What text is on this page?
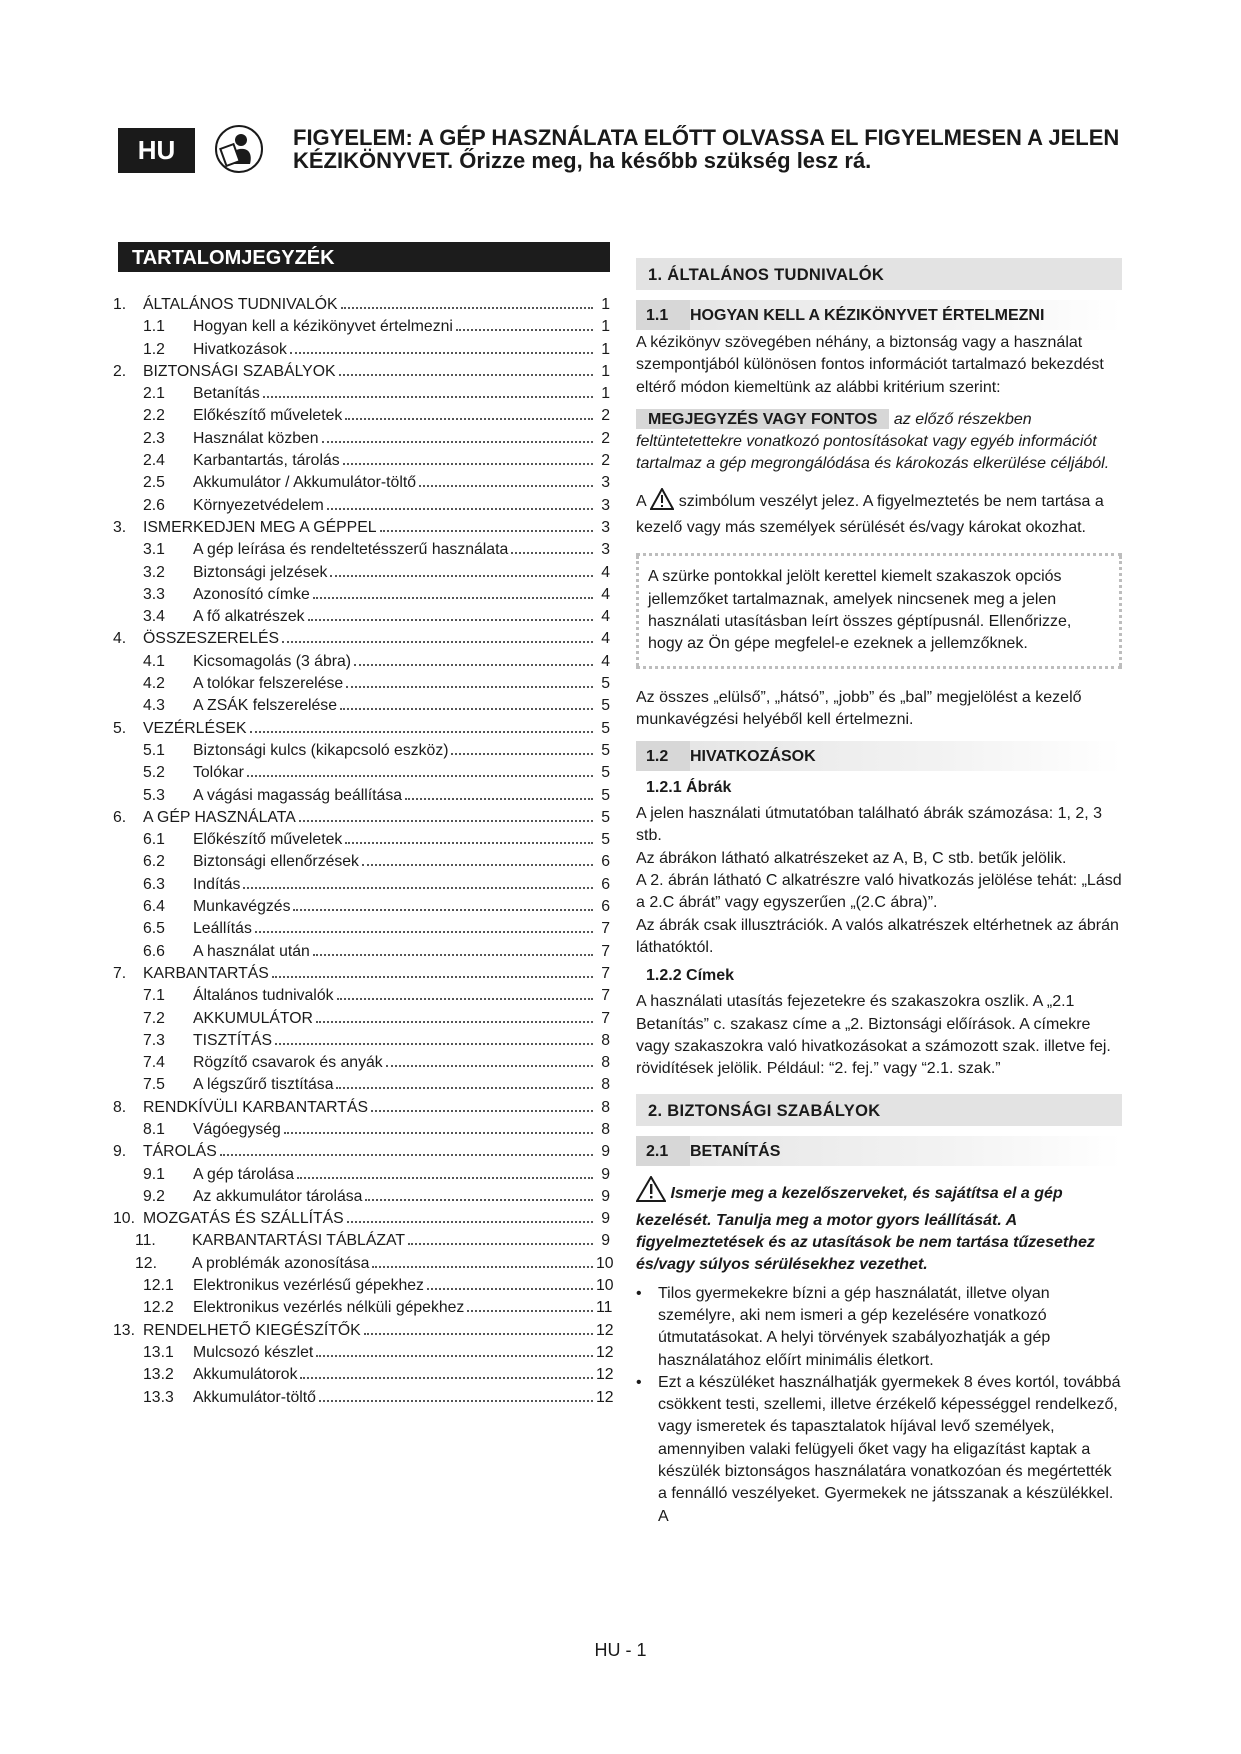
HU	FIGYELEM: A GÉP HASZNÁLATA ELŐTT OLVASSA EL FIGYELMESEN A JELEN KÉZIKÖNYVET. Őrizze meg, ha később szükség lesz rá.
TARTALOMJEGYZÉK
1.	ÁLTALÁNOS TUDNIVALÓK	1
1.1	Hogyan kell a kézikönyvet értelmezni	1
1.2	Hivatkozások	1
2.	BIZTONSÁGI SZABÁLYOK	1
2.1	Betanítás	1
2.2	Előkészítő műveletek	2
2.3	Használat közben	2
2.4	Karbantartás, tárolás	2
2.5	Akkumulátor / Akkumulátor-töltő	3
2.6	Környezetvédelem	3
3.	ISMERKEDJEN MEG A GÉPPEL	3
3.1	A gép leírása és rendeltetésszerű használata	3
3.2	Biztonsági jelzések	4
3.3	Azonosító címke	4
3.4	A fő alkatrészek	4
4.	ÖSSZESZERELÉS	4
4.1	Kicsomagolás (3 ábra)	4
4.2	A tolókar felszerelése	5
4.3	A ZSÁK felszerelése	5
5.	VEZÉRLÉSEK	5
5.1	Biztonsági kulcs (kikapcsoló eszköz)	5
5.2	Tolókar	5
5.3	A vágási magasság beállítása	5
6.	A GÉP HASZNÁLATA	5
6.1	Előkészítő műveletek	5
6.2	Biztonsági ellenőrzések	6
6.3	Indítás	6
6.4	Munkavégzés	6
6.5	Leállítás	7
6.6	A használat után	7
7.	KARBANTARTÁS	7
7.1	Általános tudnivalók	7
7.2	AKKUMULÁTOR	7
7.3	TISZTÍTÁS	8
7.4	Rögzítő csavarok és anyák	8
7.5	A légszűrő tisztítása	8
8.	RENDKÍVÜLI KARBANTARTÁS	8
8.1	Vágóegység	8
9.	TÁROLÁS	9
9.1	A gép tárolása	9
9.2	Az akkumulátor tárolása	9
10. MOZGATÁS ÉS SZÁLLÍTÁS	9
11.	KARBANTARTÁSI TÁBLÁZAT	9
12.	A problémák azonosítása	10
12.1	Elektronikus vezérlésű gépekhez	10
12.2	Elektronikus vezérlés nélküli gépekhez	11
13. RENDELHETŐ KIEGÉSZÍTŐK	12
13.1	Mulcsozó készlet	12
13.2	Akkumulátorok	12
13.3	Akkumulátor-töltő	12
1. ÁLTALÁNOS TUDNIVALÓK
1.1	HOGYAN KELL A KÉZIKÖNYVET ÉRTELMEZNI

A kézikönyv szövegében néhány, a biztonság vagy a használat szempontjából különösen fontos információt tartalmazó bekezdést eltérő módon kiemeltünk az alábbi kritérium szerint:

MEGJEGYZÉS VAGY FONTOS az előző részekben feltüntetettekre vonatkozó pontosításokat vagy egyéb információt tartalmaz a gép megrongálódása és károkozás elkerülése céljából.

A szimbólum veszélyt jelez. A figyelmeztetés be nem tartása a kezelő vagy más személyek sérülését és/vagy károkat okozhat.

A szürke pontokkal jelölt kerettel kiemelt szakaszok opciós jellemzőket tartalmaznak, amelyek nincsenek meg a jelen használati utasításban leírt összes géptípusnál. Ellenőrizze, hogy az Ön gépe megfelel-e ezeknek a jellemzőknek.

Az összes „elülső”, „hátsó”, „jobb” és „bal” megjelölést a kezelő munkavégzési helyéből kell értelmezni.

1.2	HIVATKOZÁSOK
1.2.1 Ábrák

A jelen használati útmutatóban található ábrák számozása: 1, 2, 3 stb.

Az ábrákon látható alkatrészeket az A, B, C stb. betűk jelölik.

A 2. ábrán látható C alkatrészre való hivatkozás jelölése tehát: „Lásd a 2.C ábrát” vagy egyszerűen „(2.C ábra)”.

Az ábrák csak illusztrációk. A valós alkatrészek eltérhetnek az ábrán láthatóktól.

1.2.2 Címek

A használati utasítás fejezetekre és szakaszokra oszlik. A „2.1 Betanítás” c. szakasz címe a „2. Biztonsági előírások. A címekre vagy szakaszokra való hivatkozásokat a számozott szak. illetve fej. rövidítések jelölik. Például: “2. fej.” vagy “2.1. szak.”

2. BIZTONSÁGI SZABÁLYOK
2.1	BETANÍTÁS

Ismerje meg a kezelőszerveket, és sajátítsa el a gép kezelését. Tanulja meg a motor gyors leállítását. A figyelmeztetések és az utasítások be nem tartása tűzesethez és/vagy súlyos sérülésekhez vezethet.

• Tilos gyermekekre bízni a gép használatát, illetve olyan személyre, aki nem ismeri a gép kezelésére vonatkozó útmutatásokat. A helyi törvények szabályozhatják a gép használatához előírt minimális életkort.
• Ezt a készüléket használhatják gyermekek 8 éves kortól, továbbá csökkent testi, szellemi, illetve érzékelő képességgel rendelkező, vagy ismeretek és tapasztalatok híjával levő személyek, amennyiben valaki felügyeli őket vagy ha eligazítást kaptak a készülék biztonságos használatára vonatkozóan és megértették a fennálló veszélyeket. Gyermekek ne játsszanak a készülékkel. A
HU - 1
